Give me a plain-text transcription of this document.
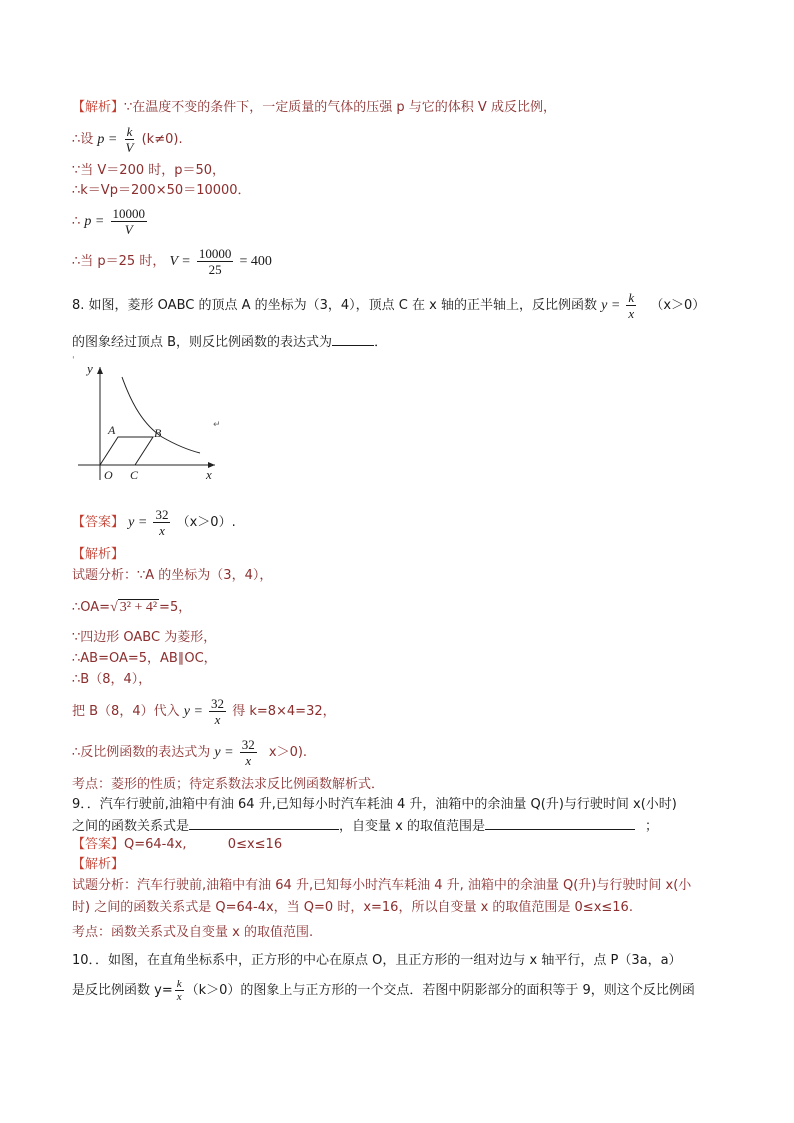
【解析】∵在温度不变的条件下，一定质量的气体的压强 p 与它的体积 V 成反比例，
∴设 $p = \frac{k}{V} (k\ne 0)$.
∵当 V＝200 时，p＝50，
∴k＝Vp＝200×50＝10000．
∴ $p = \frac{10000}{V}$
∴当 p＝25 时， $V = \frac{10000}{25} = 400$
8. 如图，菱形 OABC 的顶点 A 的坐标为（3，4），顶点 C 在 x 轴的正半轴上，反比例函数 $y = \frac{k}{x} (x>0)$
的图象经过顶点 B，则反比例函数的表达式为	．
ˈ y
x
O
A	B
C
↵
【答案】 $y = \frac{32}{x} (x>0)$.
【解析】
试题分析：∵A 的坐标为（3，4），
∴OA=√ 3² + 4² =5，
∵四边形 OABC 为菱形，
∴AB=OA=5，AB∥OC，
∴B（8，4），
把 B（8，4）代入 $y = \frac{32}{x}$ 得 k=8×4=32，
∴反比例函数的表达式为 $y = \frac{32}{x} x>0$).
考点：菱形的性质；待定系数法求反比例函数解析式．
9．．汽车行驶前,油箱中有油 64 升,已知每小时汽车耗油 4 升，油箱中的余油量 Q(升)与行驶时间 x(小时)
之间的函数关系式是	，自变量 x 的取值范围是	；
【答案】Q=64-4x,          0≤x≤16
【解析】
试题分析：汽车行驶前,油箱中有油 64 升,已知每小时汽车耗油 4 升, 油箱中的余油量 Q(升)与行驶时间 x(小
时) 之间的函数关系式是 Q=64-4x，当 Q=0 时，x=16，所以自变量 x 的取值范围是 0≤x≤16.
考点：函数关系式及自变量 x 的取值范围.
10．．如图，在直角坐标系中，正方形的中心在原点 O，且正方形的一组对边与 x 轴平行，点 P（3a，a）
是反比例函数 $y= \frac{k}{x} (k>0)$的图象上与正方形的一个交点．若图中阴影部分的面积等于 9，则这个反比例函
